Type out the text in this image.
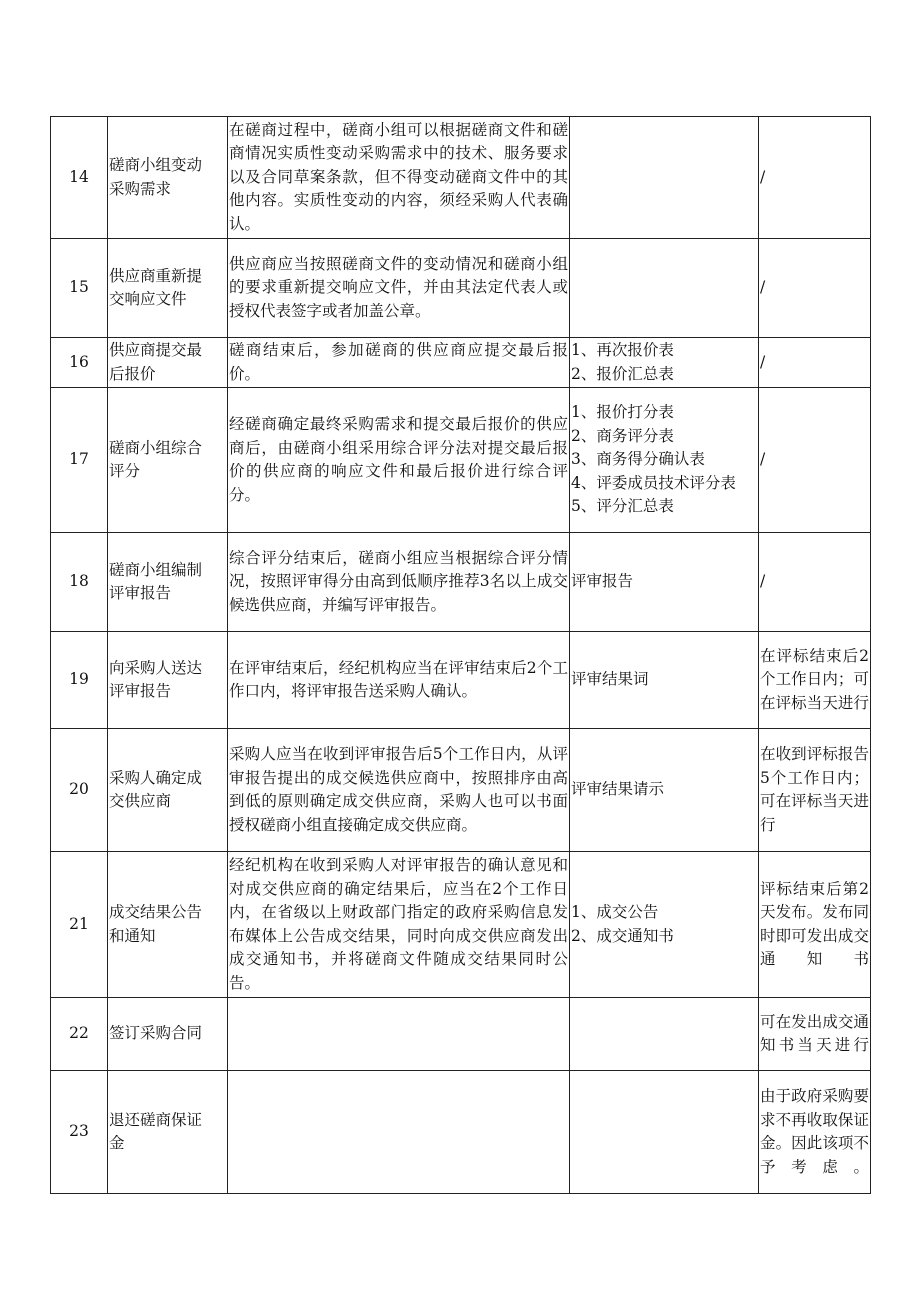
14	磋商小组变动
采购需求	在磋商过程中，磋商小组可以根据磋商文件和磋商情况实质性变动采购需求中的技术、服务要求以及合同草案条款，但不得变动磋商文件中的其他内容。实质性变动的内容，须经采购人代表确认。		/
15	供应商重新提
交响应文件	供应商应当按照磋商文件的变动情况和磋商小组的要求重新提交响应文件，并由其法定代表人或授权代表签字或者加盖公章。		/
16	供应商提交最
后报价	磋商结束后，参加磋商的供应商应提交最后报价。	1、再次报价表
2、报价汇总表	/
17	磋商小组综合
评分	经磋商确定最终采购需求和提交最后报价的供应商后，由磋商小组采用综合评分法对提交最后报价的供应商的响应文件和最后报价进行综合评分。	1、报价打分表
2、商务评分表
3、商务得分确认表
4、评委成员技术评分表
5、评分汇总表	/
18	磋商小组编制
评审报告	综合评分结束后，磋商小组应当根据综合评分情况，按照评审得分由高到低顺序推荐3名以上成交候选供应商，并编写评审报告。	评审报告	/
19	向采购人送达
评审报告	在评审结束后，经纪机构应当在评审结束后2个工作口内，将评审报告送采购人确认。	评审结果词	在评标结束后2个工作日内；可在评标当天进行
20	采购人确定成
交供应商	采购人应当在收到评审报告后5个工作日内，从评审报告提出的成交候选供应商中，按照排序由高到低的原则确定成交供应商，采购人也可以书面授权磋商小组直接确定成交供应商。	评审结果请示	在收到评标报告5个工作日内；可在评标当天进行
21	成交结果公告
和通知	经纪机构在收到采购人对评审报告的确认意见和对成交供应商的确定结果后，应当在2个工作日内，在省级以上财政部门指定的政府采购信息发布媒体上公告成交结果，同时向成交供应商发出成交通知书，并将磋商文件随成交结果同时公告。	1、成交公告
2、成交通知书	评标结束后第2天发布。发布同时即可发出成交通知书
22	签订采购合同			可在发出成交通知书当天进行
23	退还磋商保证
金			由于政府采购要求不再收取保证金。因此该项不予考虑。
